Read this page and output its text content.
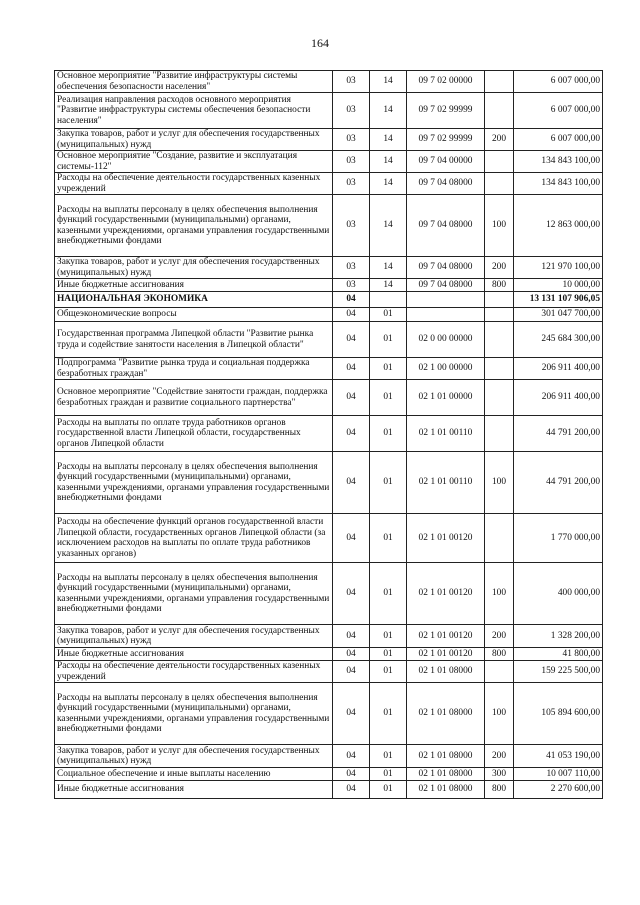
164
Основное мероприятие "Развитие инфраструктуры системы обеспечения безопасности населения"	03	14	09 7 02 00000		6 007 000,00
Реализация направления расходов основного мероприятия "Развитие инфраструктуры системы обеспечения безопасности населения"	03	14	09 7 02 99999		6 007 000,00
Закупка товаров, работ и услуг для обеспечения государственных (муниципальных) нужд	03	14	09 7 02 99999	200	6 007 000,00
Основное мероприятие "Создание, развитие и эксплуатация системы-112"	03	14	09 7 04 00000		134 843 100,00
Расходы на обеспечение деятельности государственных казенных учреждений	03	14	09 7 04 08000		134 843 100,00
Расходы на выплаты персоналу в целях обеспечения выполнения функций государственными (муниципальными) органами, казенными учреждениями, органами управления государственными внебюджетными фондами	03	14	09 7 04 08000	100	12 863 000,00
Закупка товаров, работ и услуг для обеспечения государственных (муниципальных) нужд	03	14	09 7 04 08000	200	121 970 100,00
Иные бюджетные ассигнования	03	14	09 7 04 08000	800	10 000,00
НАЦИОНАЛЬНАЯ ЭКОНОМИКА	04				13 131 107 906,05
Общеэкономические вопросы	04	01			301 047 700,00
Государственная программа Липецкой области "Развитие рынка труда и содействие занятости населения в Липецкой области"	04	01	02 0 00 00000		245 684 300,00
Подпрограмма "Развитие рынка труда и социальная поддержка безработных граждан"	04	01	02 1 00 00000		206 911 400,00
Основное мероприятие "Содействие занятости граждан, поддержка безработных граждан и развитие социального партнерства"	04	01	02 1 01 00000		206 911 400,00
Расходы на выплаты по оплате труда работников органов государственной власти Липецкой области, государственных органов Липецкой области	04	01	02 1 01 00110		44 791 200,00
Расходы на выплаты персоналу в целях обеспечения выполнения функций государственными (муниципальными) органами, казенными учреждениями, органами управления государственными внебюджетными фондами	04	01	02 1 01 00110	100	44 791 200,00
Расходы на обеспечение функций органов государственной власти Липецкой области, государственных органов Липецкой области (за исключением расходов на выплаты по оплате труда работников указанных органов)	04	01	02 1 01 00120		1 770 000,00
Расходы на выплаты персоналу в целях обеспечения выполнения функций государственными (муниципальными) органами, казенными учреждениями, органами управления государственными внебюджетными фондами	04	01	02 1 01 00120	100	400 000,00
Закупка товаров, работ и услуг для обеспечения государственных (муниципальных) нужд	04	01	02 1 01 00120	200	1 328 200,00
Иные бюджетные ассигнования	04	01	02 1 01 00120	800	41 800,00
Расходы на обеспечение деятельности государственных казенных учреждений	04	01	02 1 01 08000		159 225 500,00
Расходы на выплаты персоналу в целях обеспечения выполнения функций государственными (муниципальными) органами, казенными учреждениями, органами управления государственными внебюджетными фондами	04	01	02 1 01 08000	100	105 894 600,00
Закупка товаров, работ и услуг для обеспечения государственных (муниципальных) нужд	04	01	02 1 01 08000	200	41 053 190,00
Социальное обеспечение и иные выплаты населению	04	01	02 1 01 08000	300	10 007 110,00
Иные бюджетные ассигнования	04	01	02 1 01 08000	800	2 270 600,00
